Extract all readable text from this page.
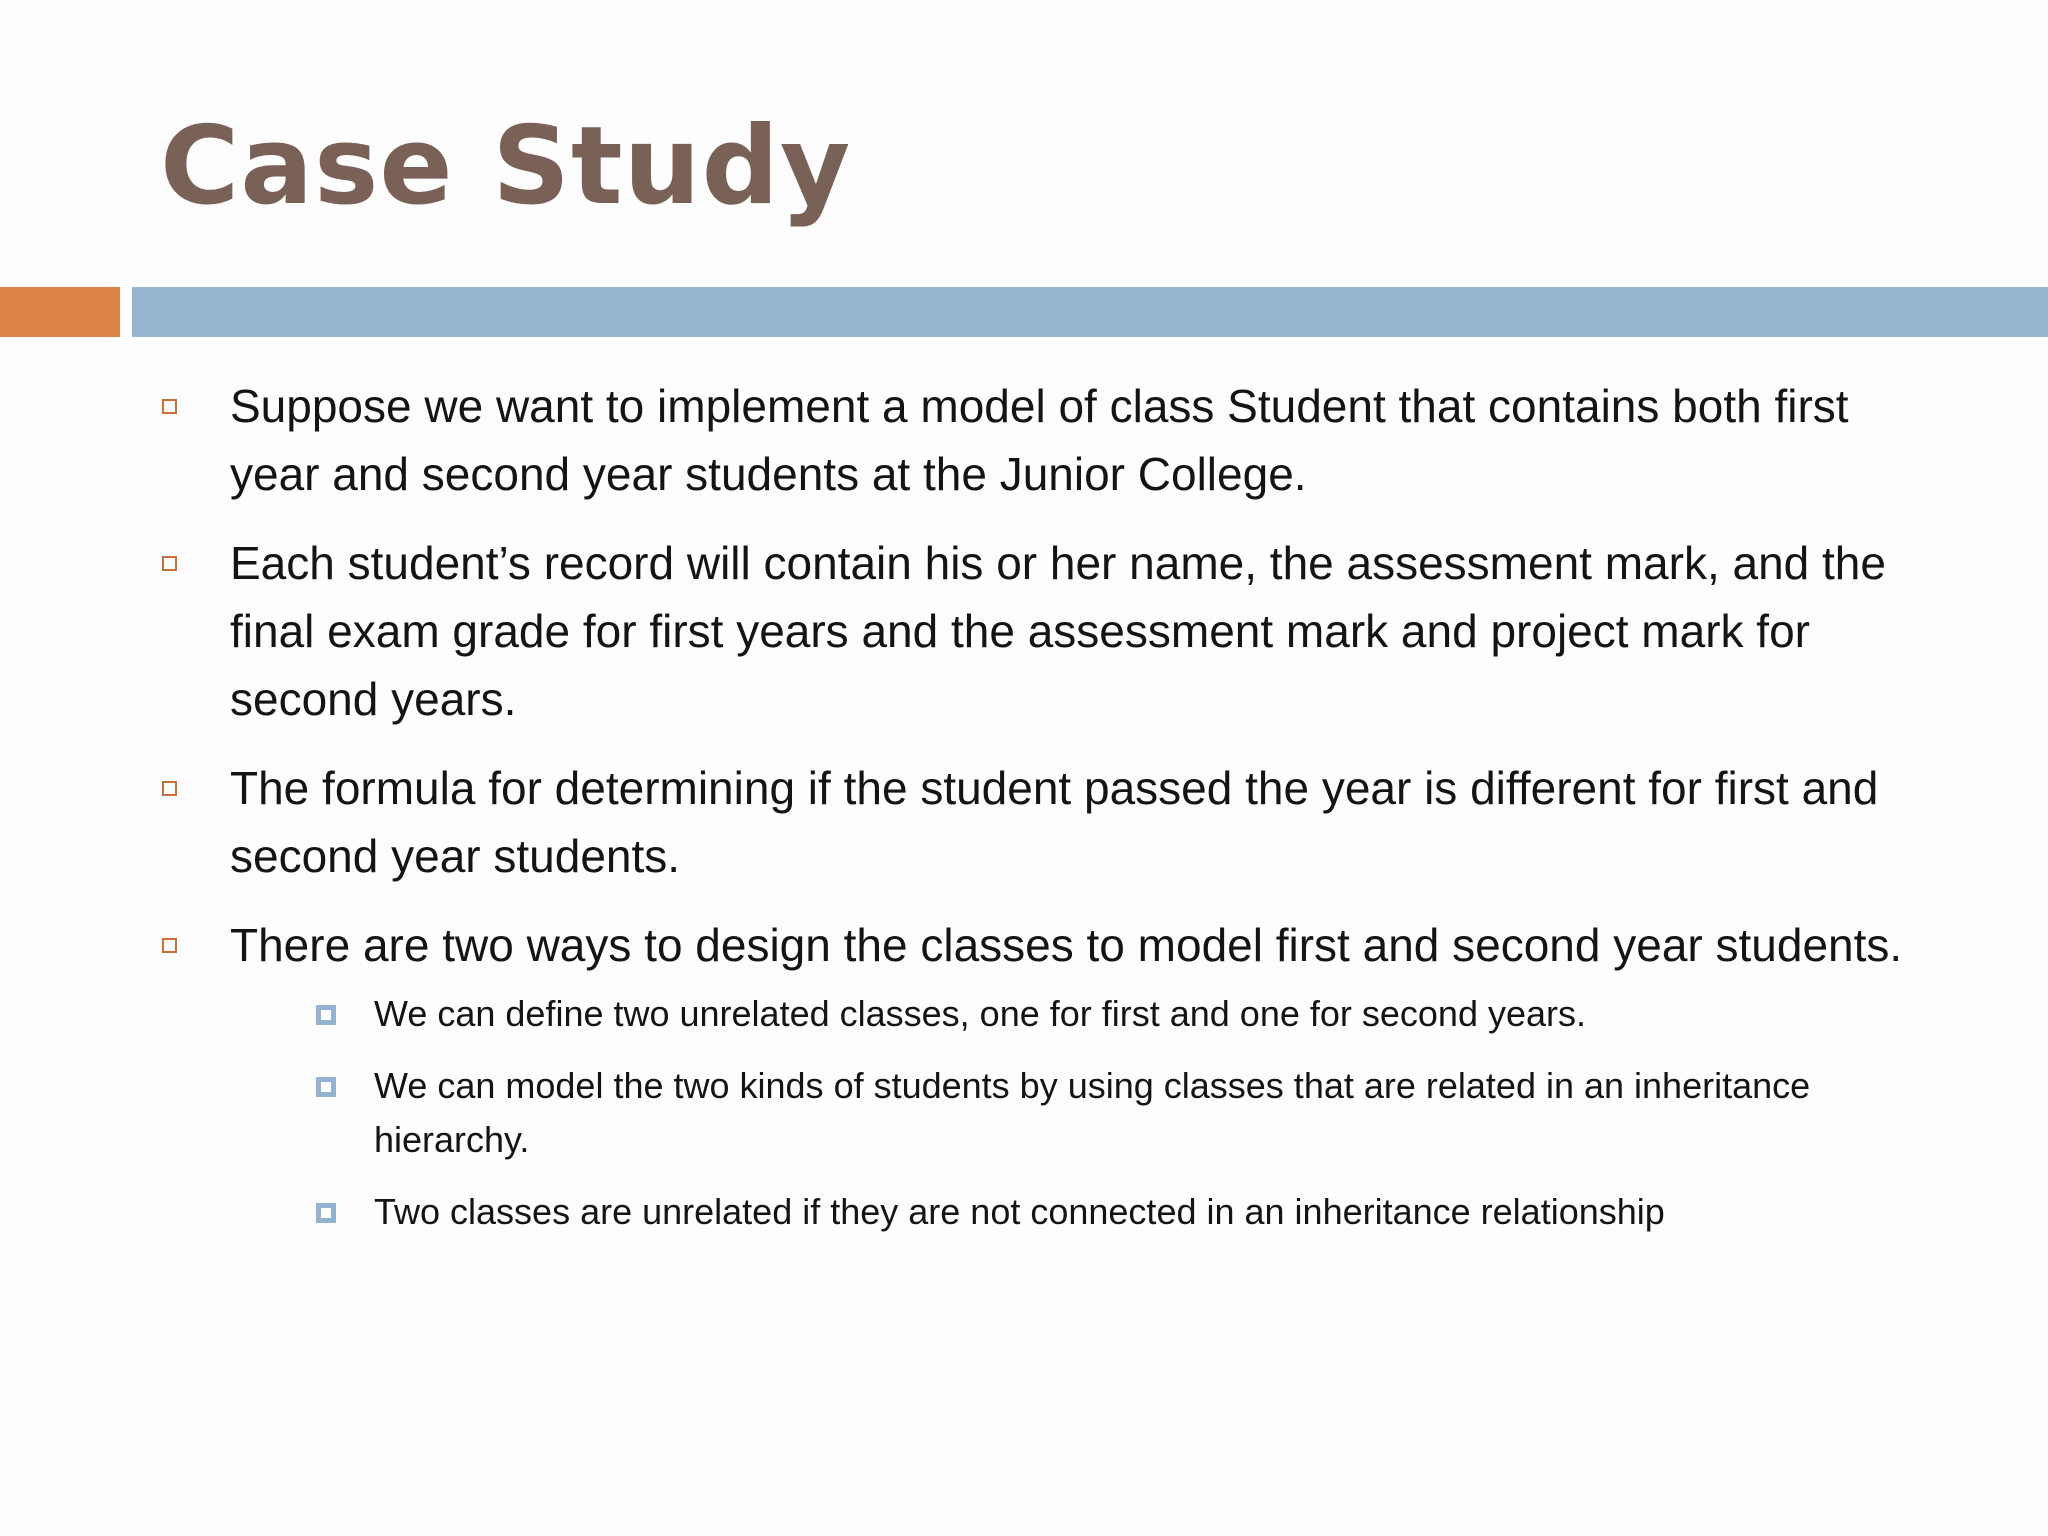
Case Study
Suppose we want to implement a model of class Student that contains both first year and second year students at the Junior College.
Each student’s record will contain his or her name, the assessment mark, and the final exam grade for first years and the assessment mark and project mark for second years.
The formula for determining if the student passed the year is different for first and second year students.
There are two ways to design the classes to model first and second year students.
We can define two unrelated classes, one for first and one for second years.
We can model the two kinds of students by using classes that are related in an inheritance hierarchy.
Two classes are unrelated if they are not connected in an inheritance relationship
